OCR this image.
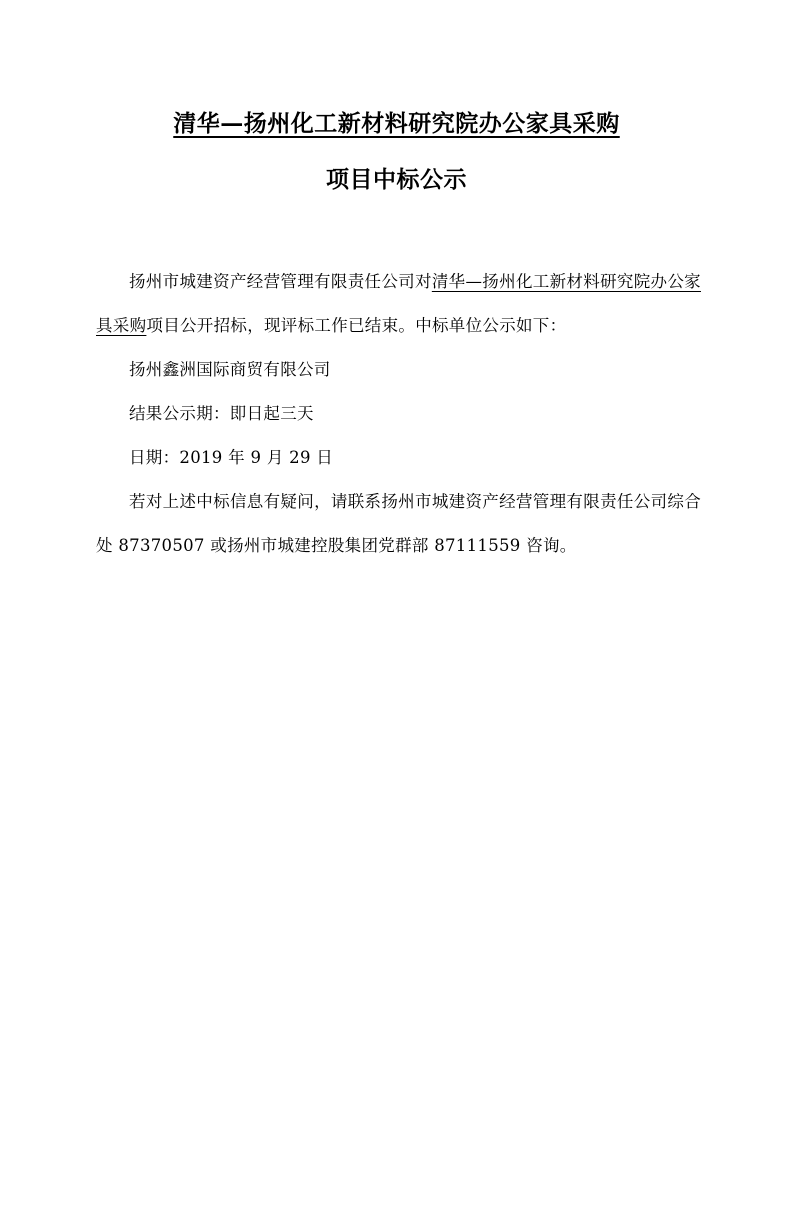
清华—扬州化工新材料研究院办公家具采购
项目中标公示

扬州市城建资产经营管理有限责任公司对清华—扬州化工新材料研究院办公家具采购项目公开招标，现评标工作已结束。中标单位公示如下：

扬州鑫洲国际商贸有限公司

结果公示期：即日起三天

日期：2019 年 9 月 29 日

若对上述中标信息有疑问，请联系扬州市城建资产经营管理有限责任公司综合处 87370507 或扬州市城建控股集团党群部 87111559 咨询。
